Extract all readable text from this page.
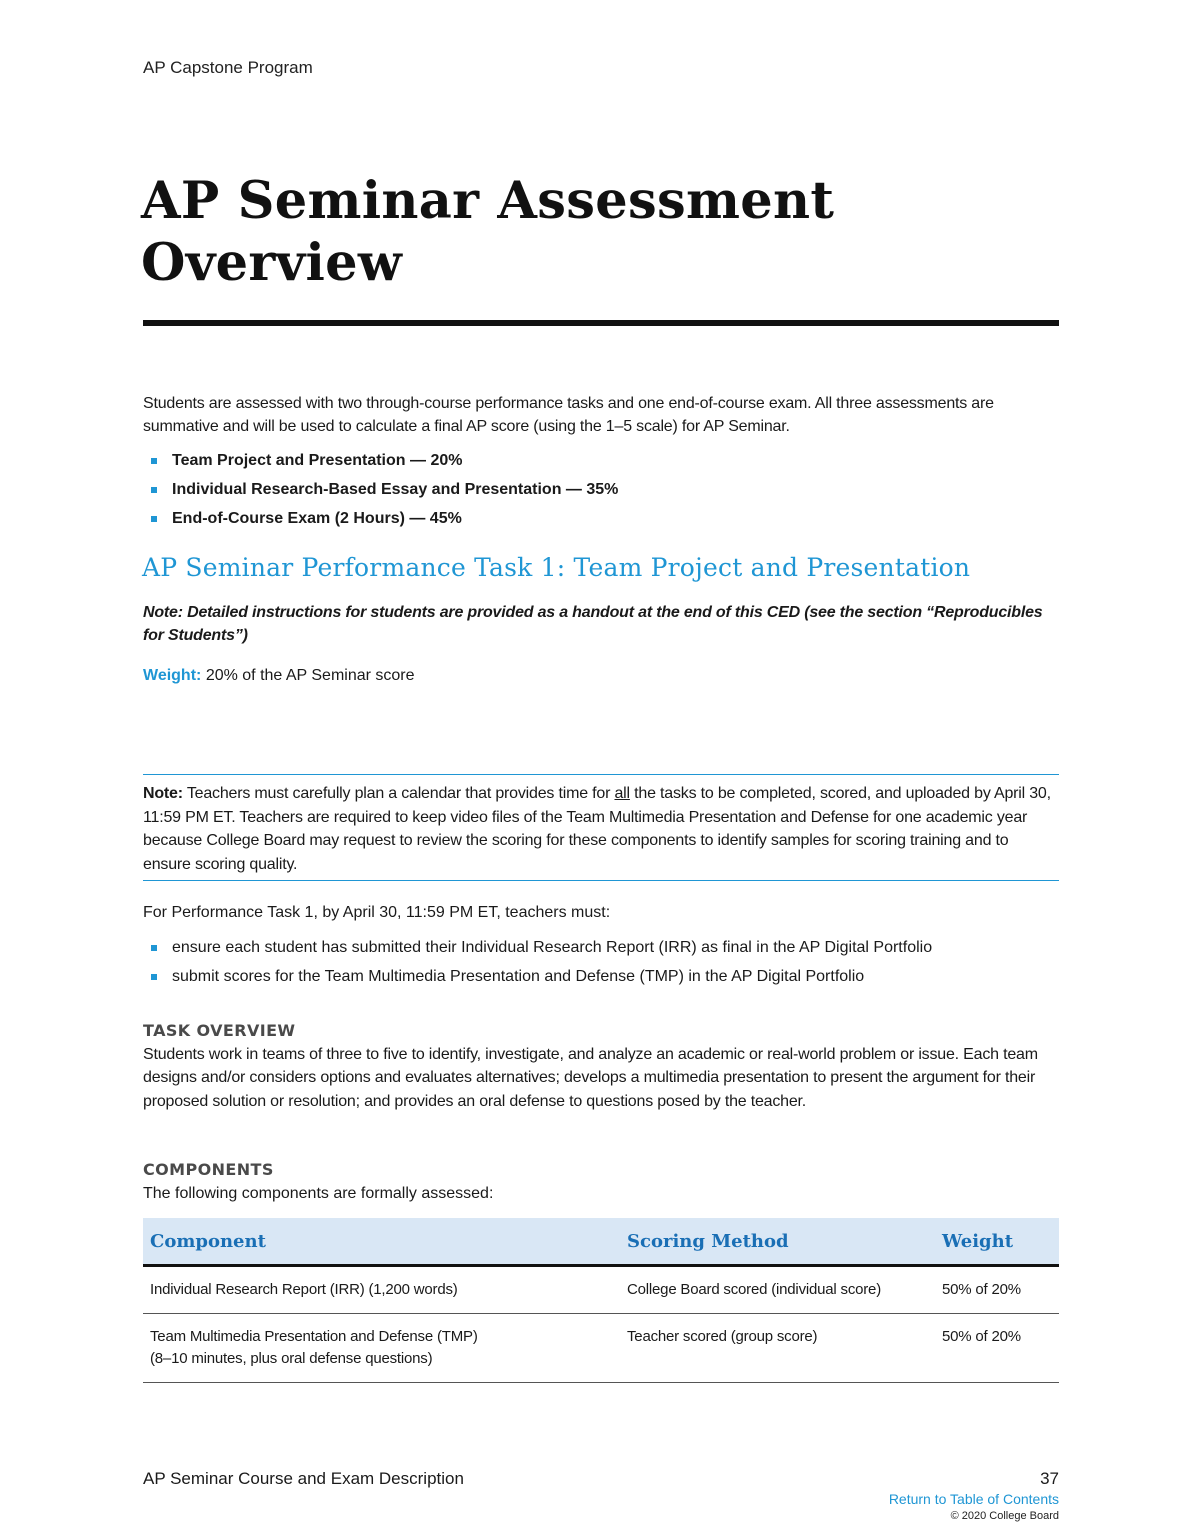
AP Capstone Program
AP Seminar Assessment
Overview

Students are assessed with two through-course performance tasks and one end-of-course exam. All three assessments are summative and will be used to calculate a final AP score (using the 1–5 scale) for AP Seminar.

Team Project and Presentation — 20%
Individual Research-Based Essay and Presentation — 35%
End-of-Course Exam (2 Hours) — 45%
AP Seminar Performance Task 1: Team Project and Presentation

Note: Detailed instructions for students are provided as a handout at the end of this CED (see the section “Reproducibles for Students”)

Weight: 20% of the AP Seminar score

Note: Teachers must carefully plan a calendar that provides time for all the tasks to be completed, scored, and uploaded by April 30, 11:59 PM ET. Teachers are required to keep video files of the Team Multimedia Presentation and Defense for one academic year because College Board may request to review the scoring for these components to identify samples for scoring training and to ensure scoring quality.

For Performance Task 1, by April 30, 11:59 PM ET, teachers must:
ensure each student has submitted their Individual Research Report (IRR) as final in the AP Digital Portfolio
submit scores for the Team Multimedia Presentation and Defense (TMP) in the AP Digital Portfolio
TASK OVERVIEW
Students work in teams of three to five to identify, investigate, and analyze an academic or real-world problem or issue. Each team designs and/or considers options and evaluates alternatives; develops a multimedia presentation to present the argument for their proposed solution or resolution; and provides an oral defense to questions posed by the teacher.
COMPONENTS
The following components are formally assessed:
Component	Scoring Method	Weight
Individual Research Report (IRR) (1,200 words)	College Board scored (individual score)	50% of 20%
Team Multimedia Presentation and Defense (TMP)
(8–10 minutes, plus oral defense questions)	Teacher scored (group score)	50% of 20%
AP Seminar Course and Exam Description	37
Return to Table of Contents
© 2020 College Board
